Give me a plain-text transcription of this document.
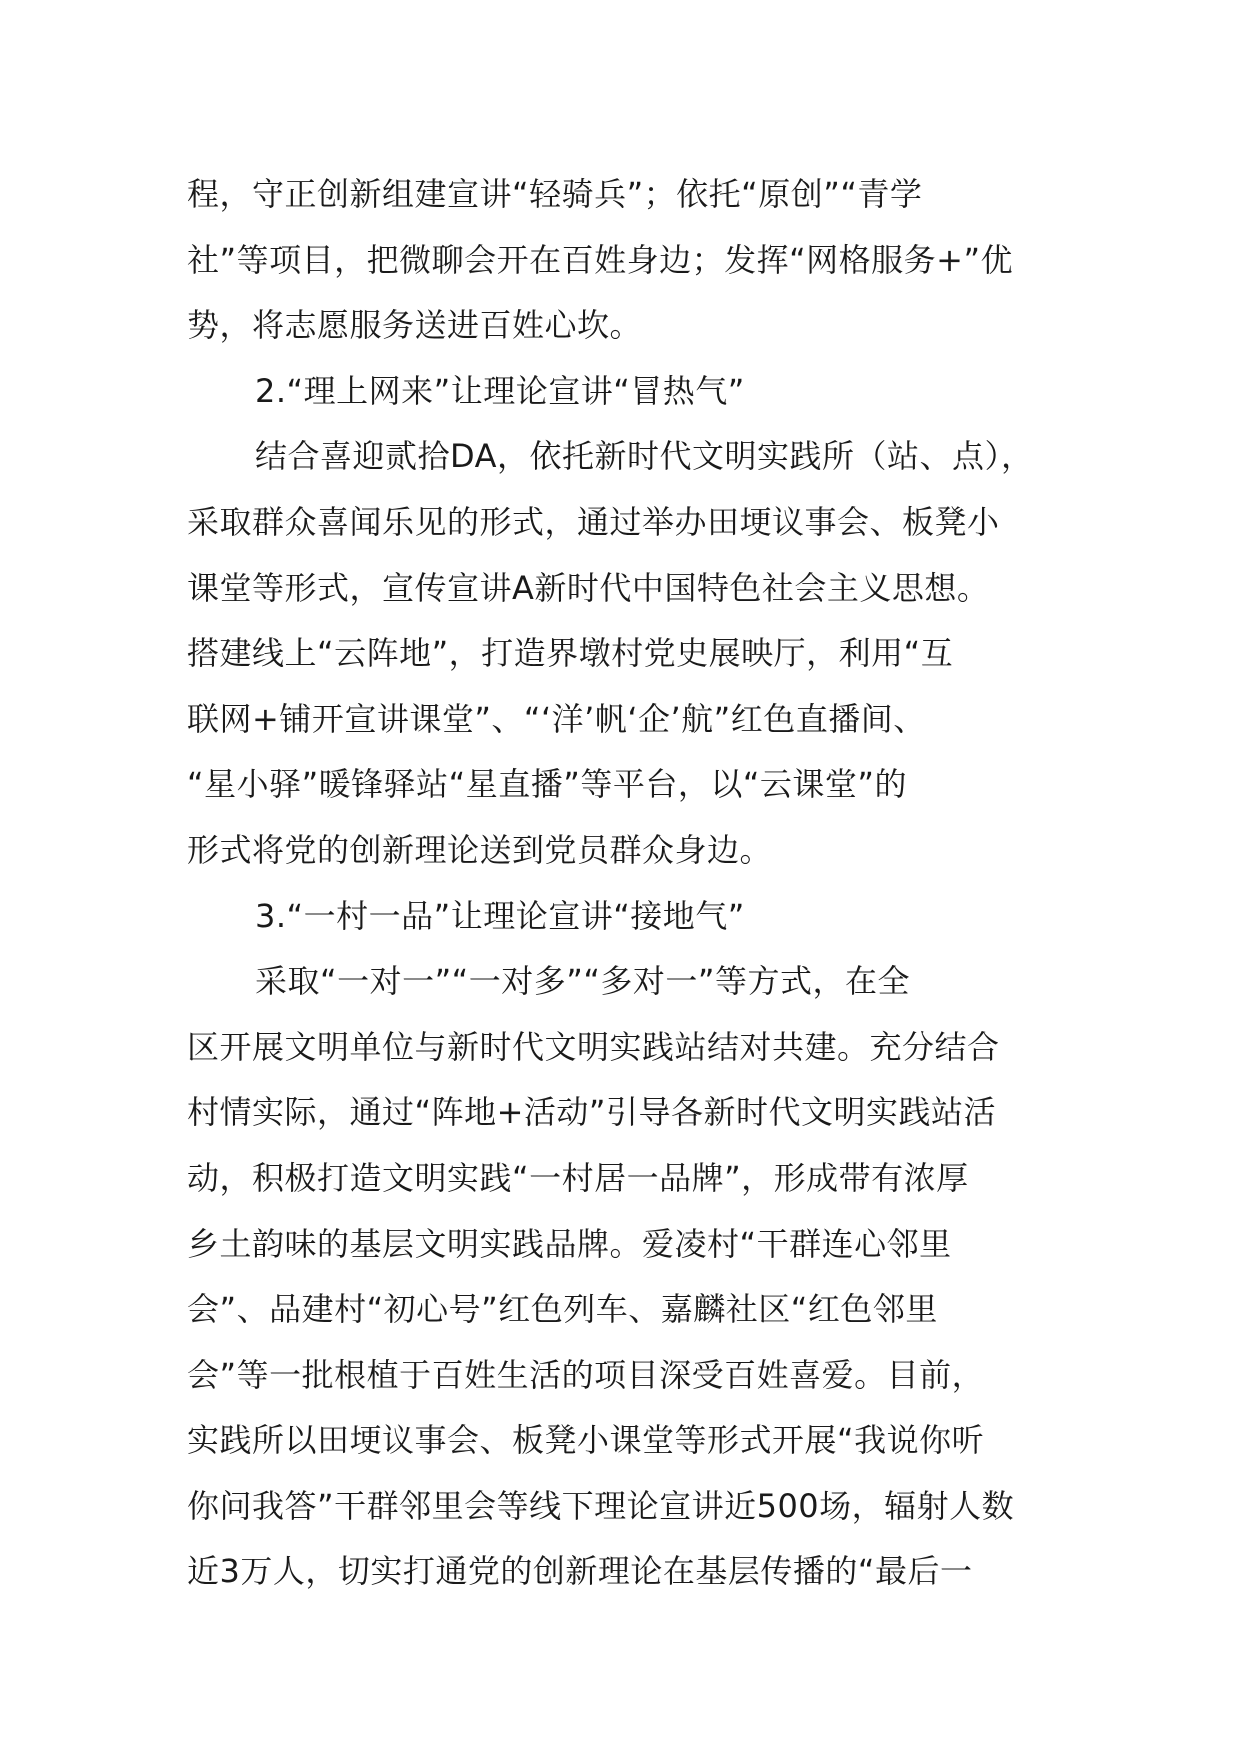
程，守正创新组建宣讲“轻骑兵”；依托“原创”“青学
社”等项目，把微聊会开在百姓身边；发挥“网格服务+”优
势，将志愿服务送进百姓心坎。
2.“理上网来”让理论宣讲“冒热气”
结合喜迎贰拾DA，依托新时代文明实践所（站、点），
采取群众喜闻乐见的形式，通过举办田埂议事会、板凳小
课堂等形式，宣传宣讲A新时代中国特色社会主义思想。
搭建线上“云阵地”，打造界墩村党史展映厅，利用“互
联网+铺开宣讲课堂”、“‘洋’帆‘企’航”红色直播间、
“星小驿”暖锋驿站“星直播”等平台，以“云课堂”的
形式将党的创新理论送到党员群众身边。
3.“一村一品”让理论宣讲“接地气”
采取“一对一”“一对多”“多对一”等方式，在全
区开展文明单位与新时代文明实践站结对共建。充分结合
村情实际，通过“阵地+活动”引导各新时代文明实践站活
动，积极打造文明实践“一村居一品牌”，形成带有浓厚
乡土韵味的基层文明实践品牌。爱凌村“干群连心邻里
会”、品建村“初心号”红色列车、嘉麟社区“红色邻里
会”等一批根植于百姓生活的项目深受百姓喜爱。目前，
实践所以田埂议事会、板凳小课堂等形式开展“我说你听
你问我答”干群邻里会等线下理论宣讲近500场，辐射人数
近3万人，切实打通党的创新理论在基层传播的“最后一
